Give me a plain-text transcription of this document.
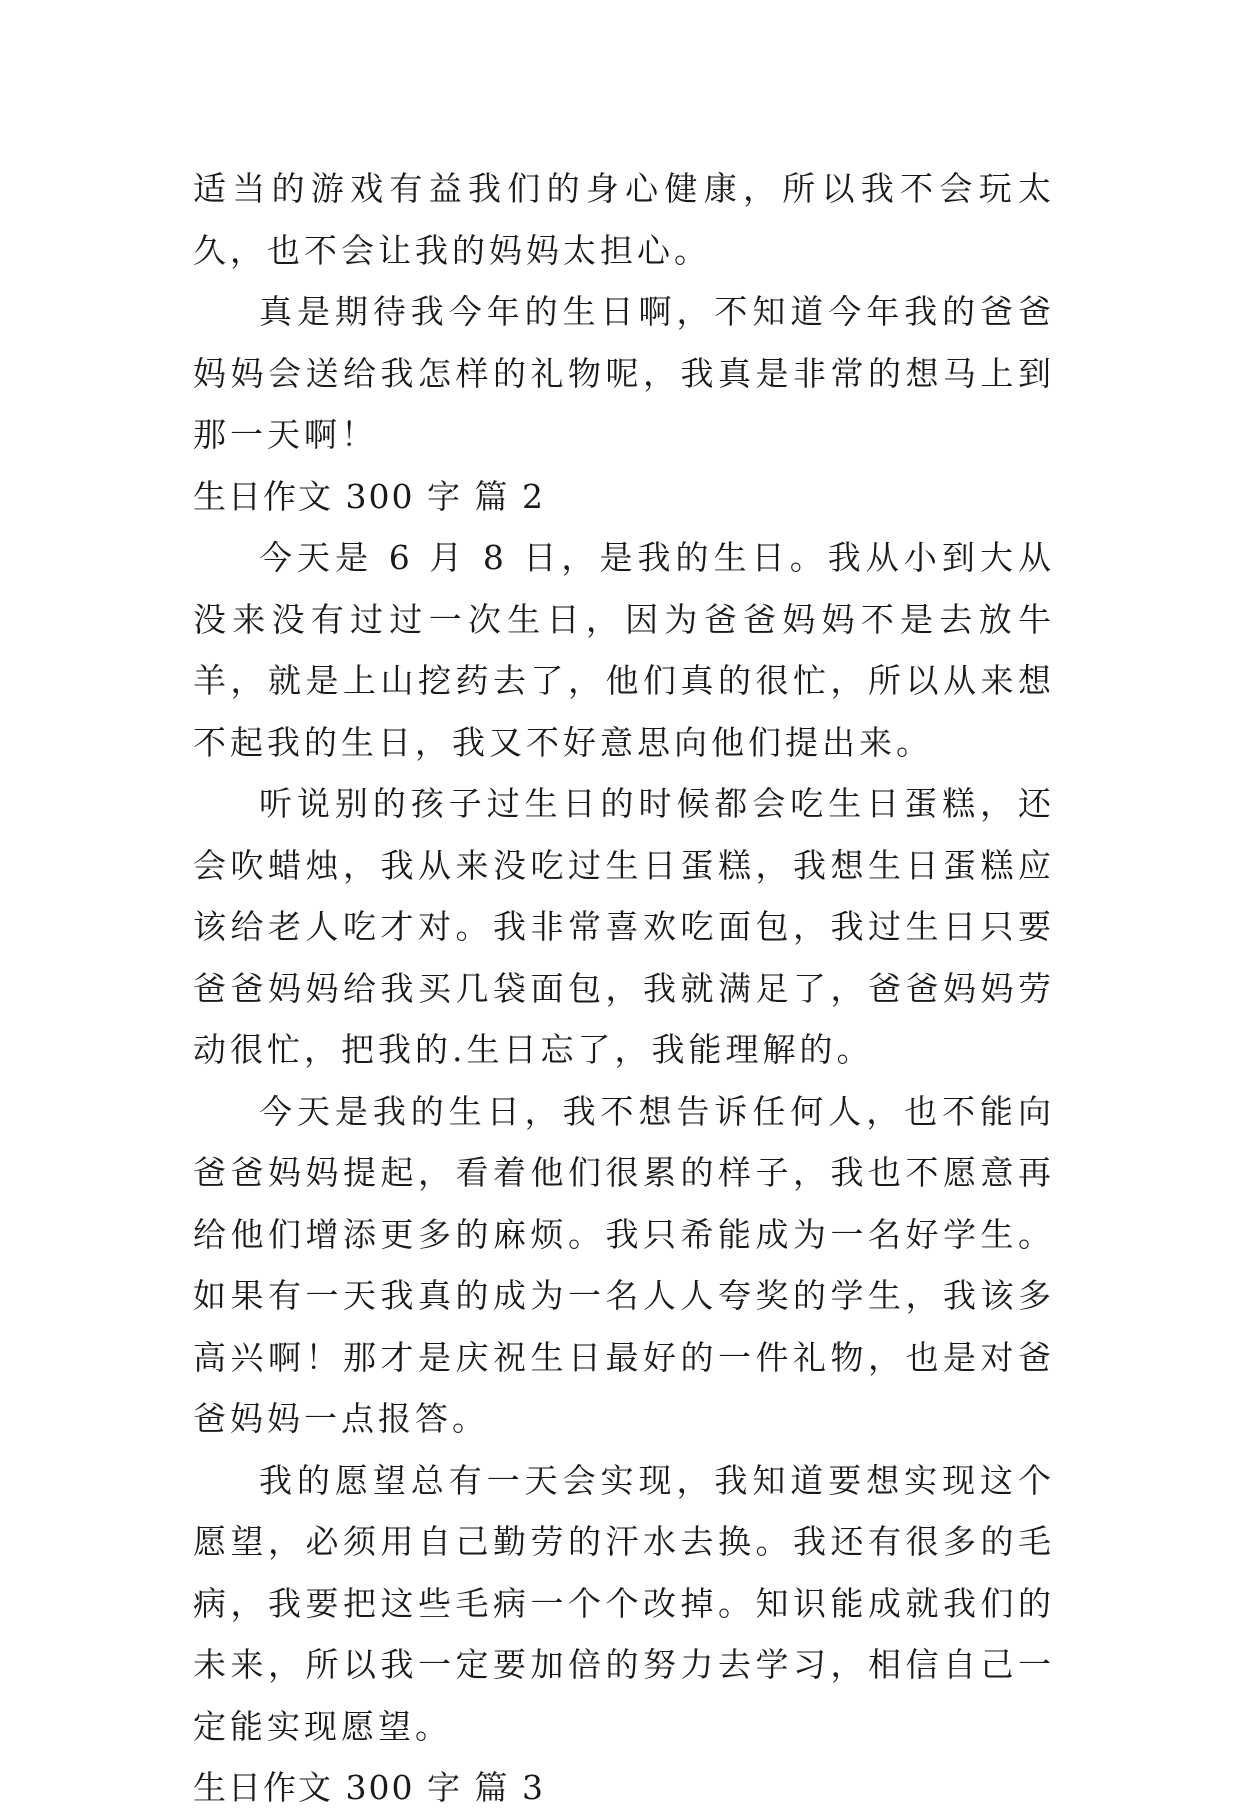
适当的游戏有益我们的身心健康，所以我不会玩太久，也不会让我的妈妈太担心。

真是期待我今年的生日啊，不知道今年我的爸爸妈妈会送给我怎样的礼物呢，我真是非常的想马上到那一天啊！

生日作文 300 字 篇 2

今天是 6 月 8 日，是我的生日。我从小到大从没来没有过过一次生日，因为爸爸妈妈不是去放牛羊，就是上山挖药去了，他们真的很忙，所以从来想不起我的生日，我又不好意思向他们提出来。

听说别的孩子过生日的时候都会吃生日蛋糕，还会吹蜡烛，我从来没吃过生日蛋糕，我想生日蛋糕应该给老人吃才对。我非常喜欢吃面包，我过生日只要爸爸妈妈给我买几袋面包，我就满足了，爸爸妈妈劳动很忙，把我的.生日忘了，我能理解的。

今天是我的生日，我不想告诉任何人，也不能向爸爸妈妈提起，看着他们很累的样子，我也不愿意再给他们增添更多的麻烦。我只希能成为一名好学生。如果有一天我真的成为一名人人夸奖的学生，我该多高兴啊！那才是庆祝生日最好的一件礼物，也是对爸爸妈妈一点报答。

我的愿望总有一天会实现，我知道要想实现这个愿望，必须用自己勤劳的汗水去换。我还有很多的毛病，我要把这些毛病一个个改掉。知识能成就我们的未来，所以我一定要加倍的努力去学习，相信自己一定能实现愿望。

生日作文 300 字 篇 3
